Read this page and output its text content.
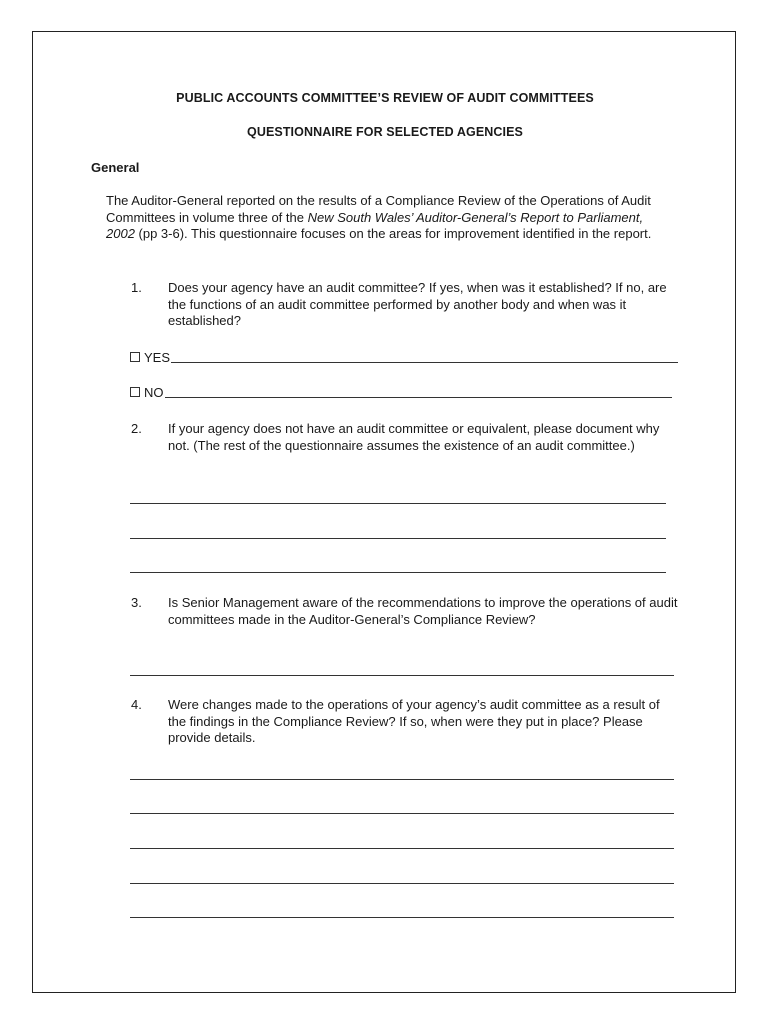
PUBLIC ACCOUNTS COMMITTEE’S REVIEW OF AUDIT COMMITTEES
QUESTIONNAIRE FOR SELECTED AGENCIES
General
The Auditor-General reported on the results of a Compliance Review of the Operations of Audit Committees in volume three of the New South Wales’ Auditor-General’s Report to Parliament, 2002 (pp 3-6). This questionnaire focuses on the areas for improvement identified in the report.
1. Does your agency have an audit committee? If yes, when was it established? If no, are the functions of an audit committee performed by another body and when was it established?
YES
NO
2. If your agency does not have an audit committee or equivalent, please document why not. (The rest of the questionnaire assumes the existence of an audit committee.)
3. Is Senior Management aware of the recommendations to improve the operations of audit committees made in the Auditor-General’s Compliance Review?
4. Were changes made to the operations of your agency’s audit committee as a result of the findings in the Compliance Review? If so, when were they put in place? Please provide details.
